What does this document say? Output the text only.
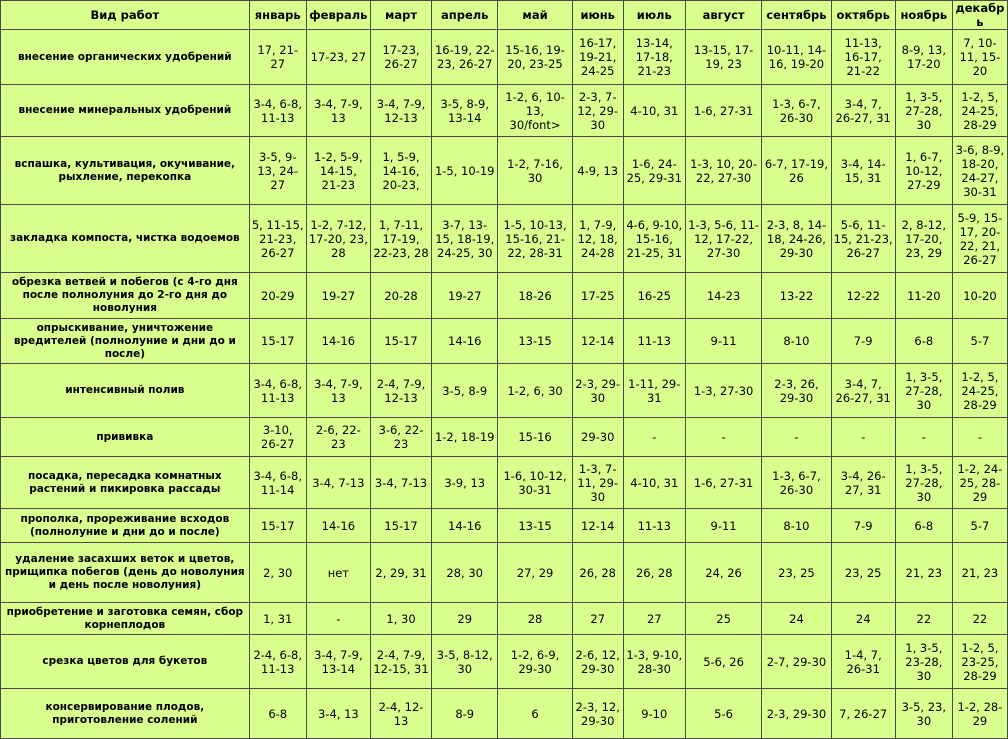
Вид работ	январь	февраль	март	апрель	май	июнь	июль	август	сентябрь	октябрь	ноябрь	декабрь
внесение органических удобрений	17, 21-27	17-23, 27	17-23, 26-27	16-19, 22-23, 26-27	15-16, 19-20, 23-25	16-17, 19-21, 24-25	13-14, 17-18, 21-23	13-15, 17-19, 23	10-11, 14-16, 19-20	11-13, 16-17, 21-22	8-9, 13, 17-20	7, 10-11, 15-20
внесение минеральных удобрений	3-4, 6-8, 11-13	3-4, 7-9, 13	3-4, 7-9, 12-13	3-5, 8-9, 13-14	1-2, 6, 10-13, 30/font>	2-3, 7-12, 29-30	4-10, 31	1-6, 27-31	1-3, 6-7, 26-30	3-4, 7, 26-27, 31	1, 3-5, 27-28, 30	1-2, 5, 24-25, 28-29
вспашка, культивация, окучивание, рыхление, перекопка	3-5, 9-13, 24-27	1-2, 5-9, 14-15, 21-23	1, 5-9, 14-16, 20-23,	1-5, 10-19	1-2, 7-16, 30	4-9, 13	1-6, 24-25, 29-31	1-3, 10, 20-22, 27-30	6-7, 17-19, 26	3-4, 14-15, 31	1, 6-7, 10-12, 27-29	3-6, 8-9, 18-20, 24-27, 30-31
закладка компоста, чистка водоемов	5, 11-15, 21-23, 26-27	1-2, 7-12, 17-20, 23, 28	1, 7-11, 17-19, 22-23, 28	3-7, 13-15, 18-19, 24-25, 30	1-5, 10-13, 15-16, 21-22, 28-31	1, 7-9, 12, 18, 24-28	4-6, 9-10, 15-16, 21-25, 31	1-3, 5-6, 11-12, 17-22, 27-30	2-3, 8, 14-18, 24-26, 29-30	5-6, 11-15, 21-23, 26-27	2, 8-12, 17-20, 23, 29	5-9, 15-17, 20-22, 21, 26-27
обрезка ветвей и побегов (с 4-го дня после полнолуния до 2-го дня до новолуния	20-29	19-27	20-28	19-27	18-26	17-25	16-25	14-23	13-22	12-22	11-20	10-20
опрыскивание, уничтожение вредителей (полнолуние и дни до и после)	15-17	14-16	15-17	14-16	13-15	12-14	11-13	9-11	8-10	7-9	6-8	5-7
интенсивный полив	3-4, 6-8, 11-13	3-4, 7-9, 13	2-4, 7-9, 12-13	3-5, 8-9	1-2, 6, 30	2-3, 29-30	1-11, 29-31	1-3, 27-30	2-3, 26, 29-30	3-4, 7, 26-27, 31	1, 3-5, 27-28, 30	1-2, 5, 24-25, 28-29
прививка	3-10, 26-27	2-6, 22-23	3-6, 22-23	1-2, 18-19	15-16	29-30	-	-	-	-	-	-
посадка, пересадка комнатных растений и пикировка рассады	3-4, 6-8, 11-14	3-4, 7-13	3-4, 7-13	3-9, 13	1-6, 10-12, 30-31	1-3, 7-11, 29-30	4-10, 31	1-6, 27-31	1-3, 6-7, 26-30	3-4, 26-27, 31	1, 3-5, 27-28, 30	1-2, 24-25, 28-29
прополка, прореживание всходов (полнолуние и дни до и после)	15-17	14-16	15-17	14-16	13-15	12-14	11-13	9-11	8-10	7-9	6-8	5-7
удаление засахших веток и цветов, прищипка побегов (день до новолуния и день после новолуния)	2, 30	нет	2, 29, 31	28, 30	27, 29	26, 28	26, 28	24, 26	23, 25	23, 25	21, 23	21, 23
приобретение и заготовка семян, сбор корнеплодов	1, 31	-	1, 30	29	28	27	27	25	24	24	22	22
срезка цветов для букетов	2-4, 6-8, 11-13	3-4, 7-9, 13-14	2-4, 7-9, 12-15, 31	3-5, 8-12, 30	1-2, 6-9, 29-30	2-6, 12, 29-30	1-3, 9-10, 28-30	5-6, 26	2-7, 29-30	1-4, 7, 26-31	1, 3-5, 23-28, 30	1-2, 5, 23-25, 28-29
консервирование плодов, приготовление солений	6-8	3-4, 13	2-4, 12-13	8-9	6	2-3, 12, 29-30	9-10	5-6	2-3, 29-30	7, 26-27	3-5, 23, 30	1-2, 28-29
